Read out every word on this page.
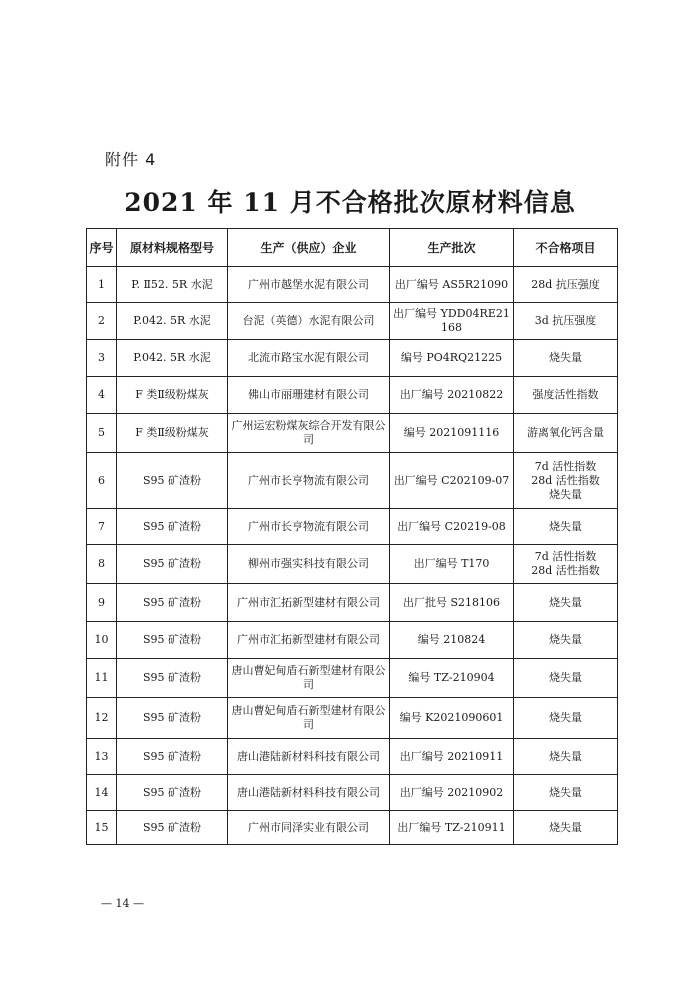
附件 4
2021 年 11 月不合格批次原材料信息
序号	原材料规格型号	生产（供应）企业	生产批次	不合格项目
1	P. Ⅱ52. 5R 水泥	广州市越堡水泥有限公司	出厂编号 AS5R21090	28d 抗压强度
2	P.042. 5R 水泥	台泥（英德）水泥有限公司	出厂编号 YDD04RE21168	3d 抗压强度
3	P.042. 5R 水泥	北流市路宝水泥有限公司	编号 PO4RQ21225	烧失量
4	F 类Ⅱ级粉煤灰	佛山市丽珊建材有限公司	出厂编号 20210822	强度活性指数
5	F 类Ⅱ级粉煤灰	广州运宏粉煤灰综合开发有限公司	编号 2021091116	游离氧化钙含量
6	S95 矿渣粉	广州市长亨物流有限公司	出厂编号 C202109-07	7d 活性指数
28d 活性指数
烧失量
7	S95 矿渣粉	广州市长亨物流有限公司	出厂编号 C20219-08	烧失量
8	S95 矿渣粉	柳州市强实科技有限公司	出厂编号 T170	7d 活性指数
28d 活性指数
9	S95 矿渣粉	广州市汇拓新型建材有限公司	出厂批号 S218106	烧失量
10	S95 矿渣粉	广州市汇拓新型建材有限公司	编号 210824	烧失量
11	S95 矿渣粉	唐山曹妃甸盾石新型建材有限公司	编号 TZ-210904	烧失量
12	S95 矿渣粉	唐山曹妃甸盾石新型建材有限公司	编号 K2021090601	烧失量
13	S95 矿渣粉	唐山港陆新材料科技有限公司	出厂编号 20210911	烧失量
14	S95 矿渣粉	唐山港陆新材料科技有限公司	出厂编号 20210902	烧失量
15	S95 矿渣粉	广州市同泽实业有限公司	出厂编号 TZ-210911	烧失量
— 14 —
